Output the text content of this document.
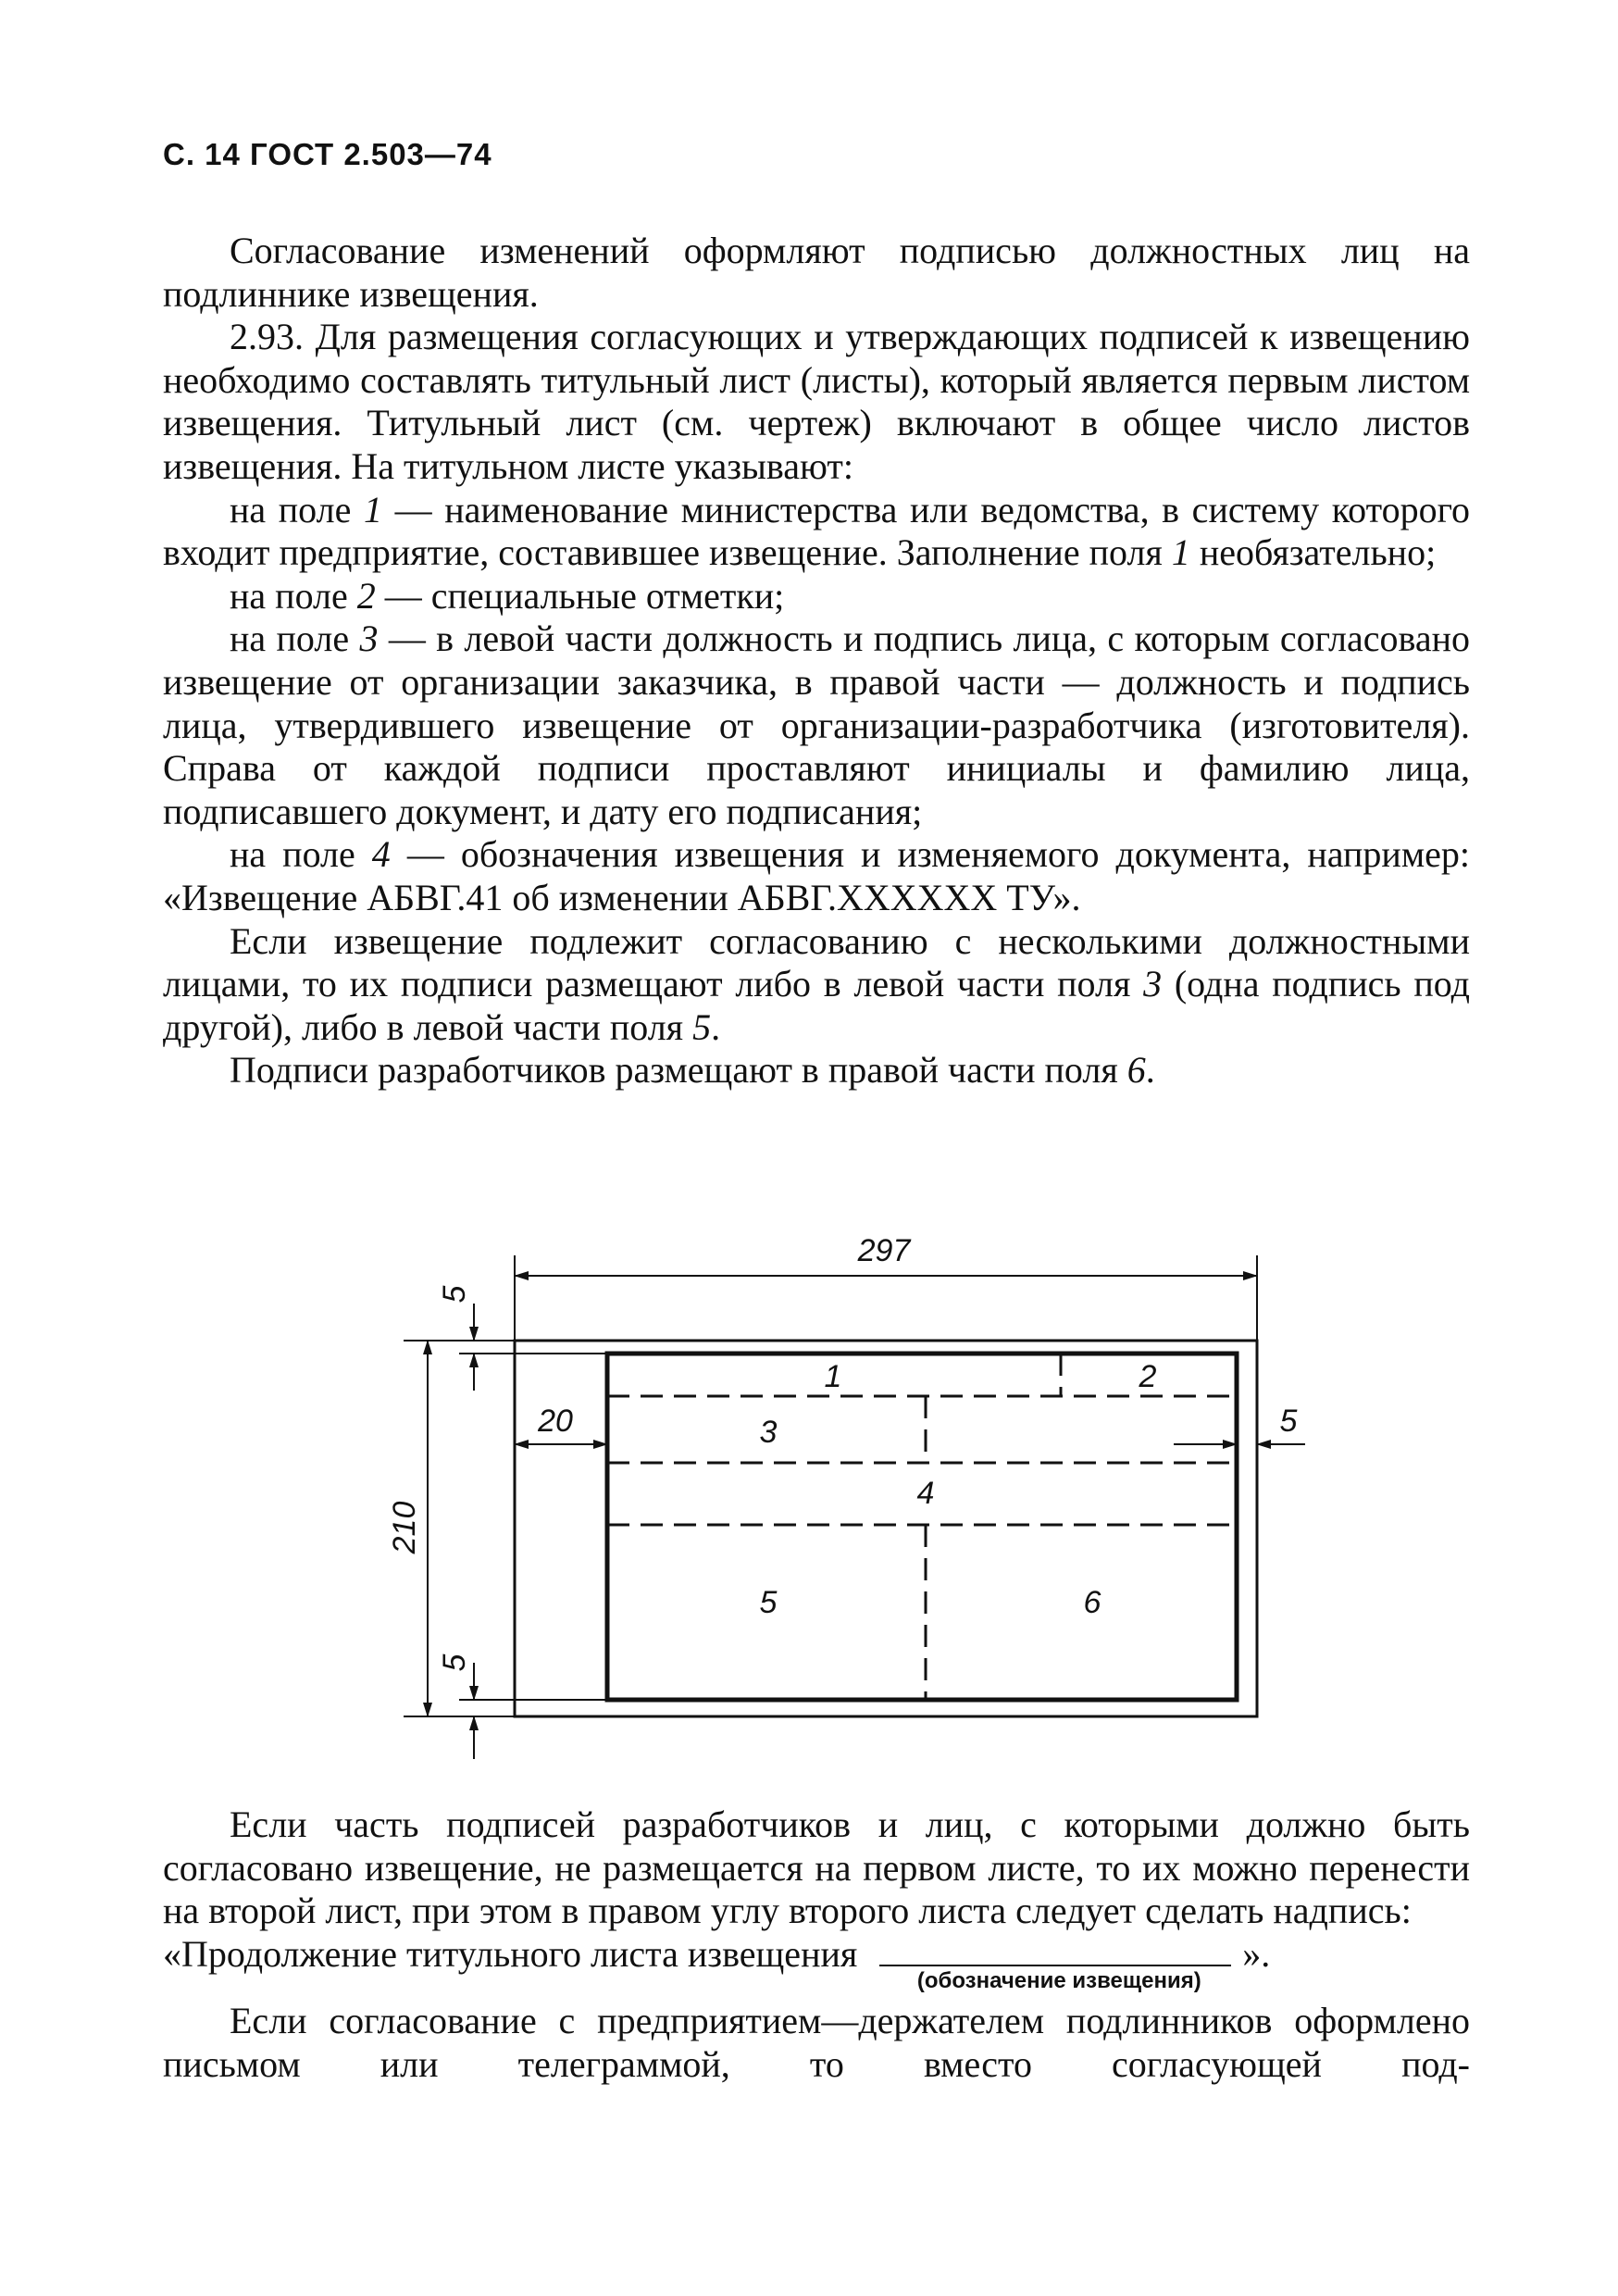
С. 14 ГОСТ 2.503—74

Согласование изменений оформляют подписью должностных лиц на подлиннике извещения.

2.93. Для размещения согласующих и утверждающих подписей к извещению необходимо составлять титульный лист (листы), который является первым листом извещения. Титульный лист (см. чертеж) включают в общее число листов извещения. На титульном листе указывают:

на поле 1 — наименование министерства или ведомства, в систему которого входит предприятие, составившее извещение. Заполнение поля 1 необязательно;

на поле 2 — специальные отметки;

на поле 3 — в левой части должность и подпись лица, с которым согласовано извещение от организации заказчика, в правой части — должность и подпись лица, утвердившего извещение от организации-разработчика (изготовителя). Справа от каждой подписи проставляют инициалы и фамилию лица, подписавшего документ, и дату его подписания;

на поле 4 — обозначения извещения и изменяемого документа, например: «Извещение АБВГ.41 об изменении АБВГ.XXXXXX ТУ».

Если извещение подлежит согласованию с несколькими должностными лицами, то их подписи размещают либо в левой части поля 3 (одна подпись под другой), либо в левой части поля 5.

Подписи разработчиков размещают в правой части поля 6.

297
210
5
5
20	5
1	2
3
4
5	6

Если часть подписей разработчиков и лиц, с которыми должно быть согласовано извещение, не размещается на первом листе, то их можно перенести на второй лист, при этом в правом углу второго листа следует сделать надпись:

«Продолжение титульного листа извещения
(обозначение извещения)
».

Если согласование с предприятием—держателем подлинников оформлено письмом или телеграммой, то вместо согласующей под-
